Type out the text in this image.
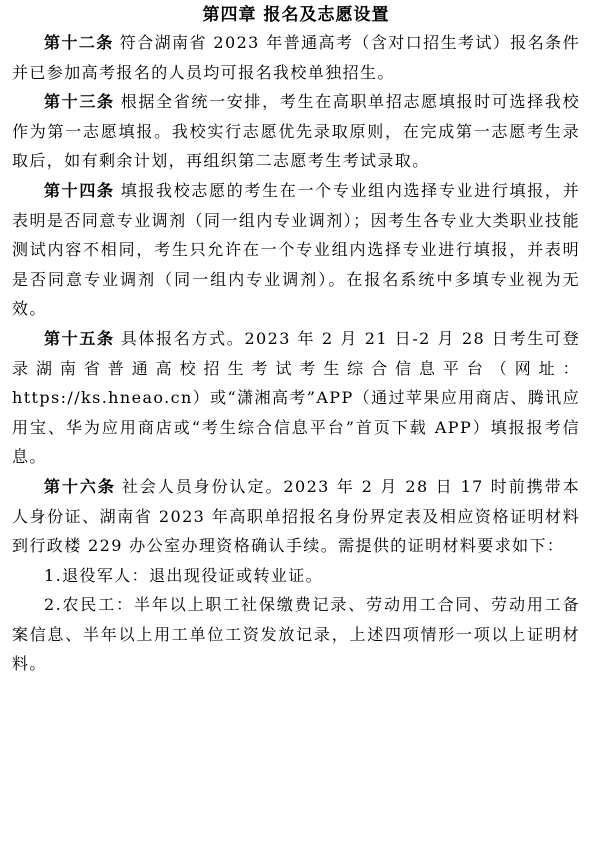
第四章 报名及志愿设置

第十二条 符合湖南省 2023 年普通高考（含对口招生考试）报名条件并已参加高考报名的人员均可报名我校单独招生。

第十三条 根据全省统一安排，考生在高职单招志愿填报时可选择我校作为第一志愿填报。我校实行志愿优先录取原则，在完成第一志愿考生录取后，如有剩余计划，再组织第二志愿考生考试录取。

第十四条 填报我校志愿的考生在一个专业组内选择专业进行填报，并表明是否同意专业调剂（同一组内专业调剂）；因考生各专业大类职业技能测试内容不相同，考生只允许在一个专业组内选择专业进行填报，并表明是否同意专业调剂（同一组内专业调剂）。在报名系统中多填专业视为无效。

第十五条 具体报名方式。2023 年 2 月 21 日-2 月 28 日考生可登录湖南省普通高校招生考试考生综合信息平台（网址：https://ks.hneao.cn）或“潇湘高考”APP（通过苹果应用商店、腾讯应用宝、华为应用商店或“考生综合信息平台”首页下载 APP）填报报考信息。

第十六条 社会人员身份认定。2023 年 2 月 28 日 17 时前携带本人身份证、湖南省 2023 年高职单招报名身份界定表及相应资格证明材料到行政楼 229 办公室办理资格确认手续。需提供的证明材料要求如下：

1.退役军人：退出现役证或转业证。

2.农民工：半年以上职工社保缴费记录、劳动用工合同、劳动用工备案信息、半年以上用工单位工资发放记录，上述四项情形一项以上证明材料。
